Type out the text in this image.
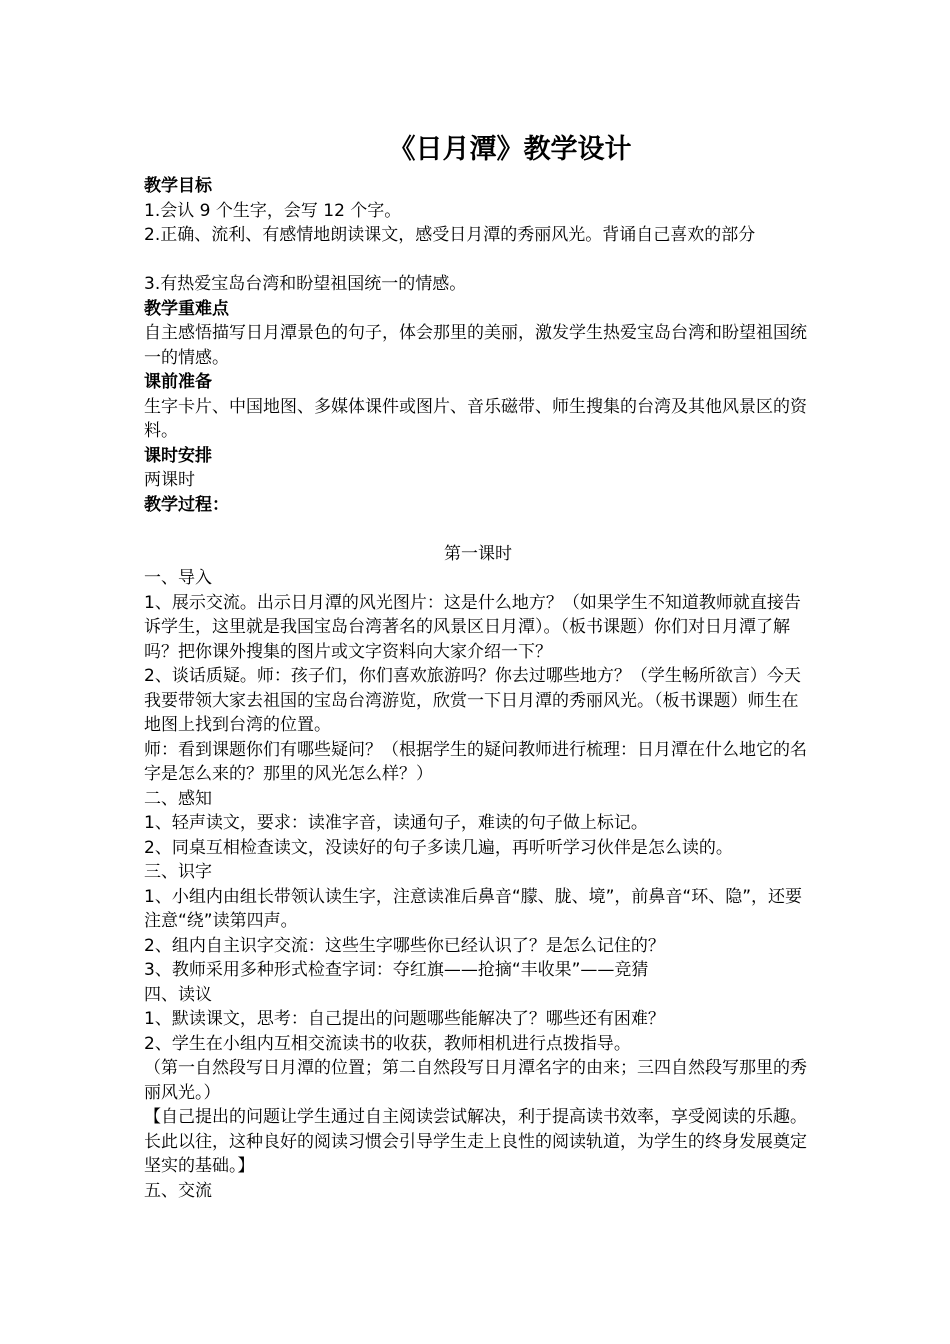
《日月潭》教学设计
教学目标

1.会认 9 个生字，会写 12 个字。

2.正确、流利、有感情地朗读课文，感受日月潭的秀丽风光。背诵自己喜欢的部分

3.有热爱宝岛台湾和盼望祖国统一的情感。

教学重难点

自主感悟描写日月潭景色的句子，体会那里的美丽，激发学生热爱宝岛台湾和盼望祖国统一的情感。

课前准备

生字卡片、中国地图、多媒体课件或图片、音乐磁带、师生搜集的台湾及其他风景区的资料。

课时安排

两课时

教学过程：

第一课时

一、导入

1、展示交流。出示日月潭的风光图片：这是什么地方？（如果学生不知道教师就直接告诉学生，这里就是我国宝岛台湾著名的风景区日月潭）。（板书课题）你们对日月潭了解吗？把你课外搜集的图片或文字资料向大家介绍一下？

2、谈话质疑。师：孩子们，你们喜欢旅游吗？你去过哪些地方？（学生畅所欲言）今天我要带领大家去祖国的宝岛台湾游览，欣赏一下日月潭的秀丽风光。（板书课题）师生在地图上找到台湾的位置。

师：看到课题你们有哪些疑问？（根据学生的疑问教师进行梳理：日月潭在什么地它的名字是怎么来的？那里的风光怎么样？）

二、感知

1、轻声读文，要求：读准字音，读通句子，难读的句子做上标记。

2、同桌互相检查读文，没读好的句子多读几遍，再听听学习伙伴是怎么读的。

三、识字

1、小组内由组长带领认读生字，注意读准后鼻音“朦、胧、境”，前鼻音“环、隐”，还要注意“绕”读第四声。

2、组内自主识字交流：这些生字哪些你已经认识了？是怎么记住的？

3、教师采用多种形式检查字词：夺红旗——抢摘“丰收果”——竞猜

四、读议

1、默读课文，思考：自己提出的问题哪些能解决了？哪些还有困难？

2、学生在小组内互相交流读书的收获，教师相机进行点拨指导。

（第一自然段写日月潭的位置；第二自然段写日月潭名字的由来；三四自然段写那里的秀丽风光。）

【自己提出的问题让学生通过自主阅读尝试解决，利于提高读书效率，享受阅读的乐趣。长此以往，这种良好的阅读习惯会引导学生走上良性的阅读轨道，为学生的终身发展奠定坚实的基础。】

五、交流
